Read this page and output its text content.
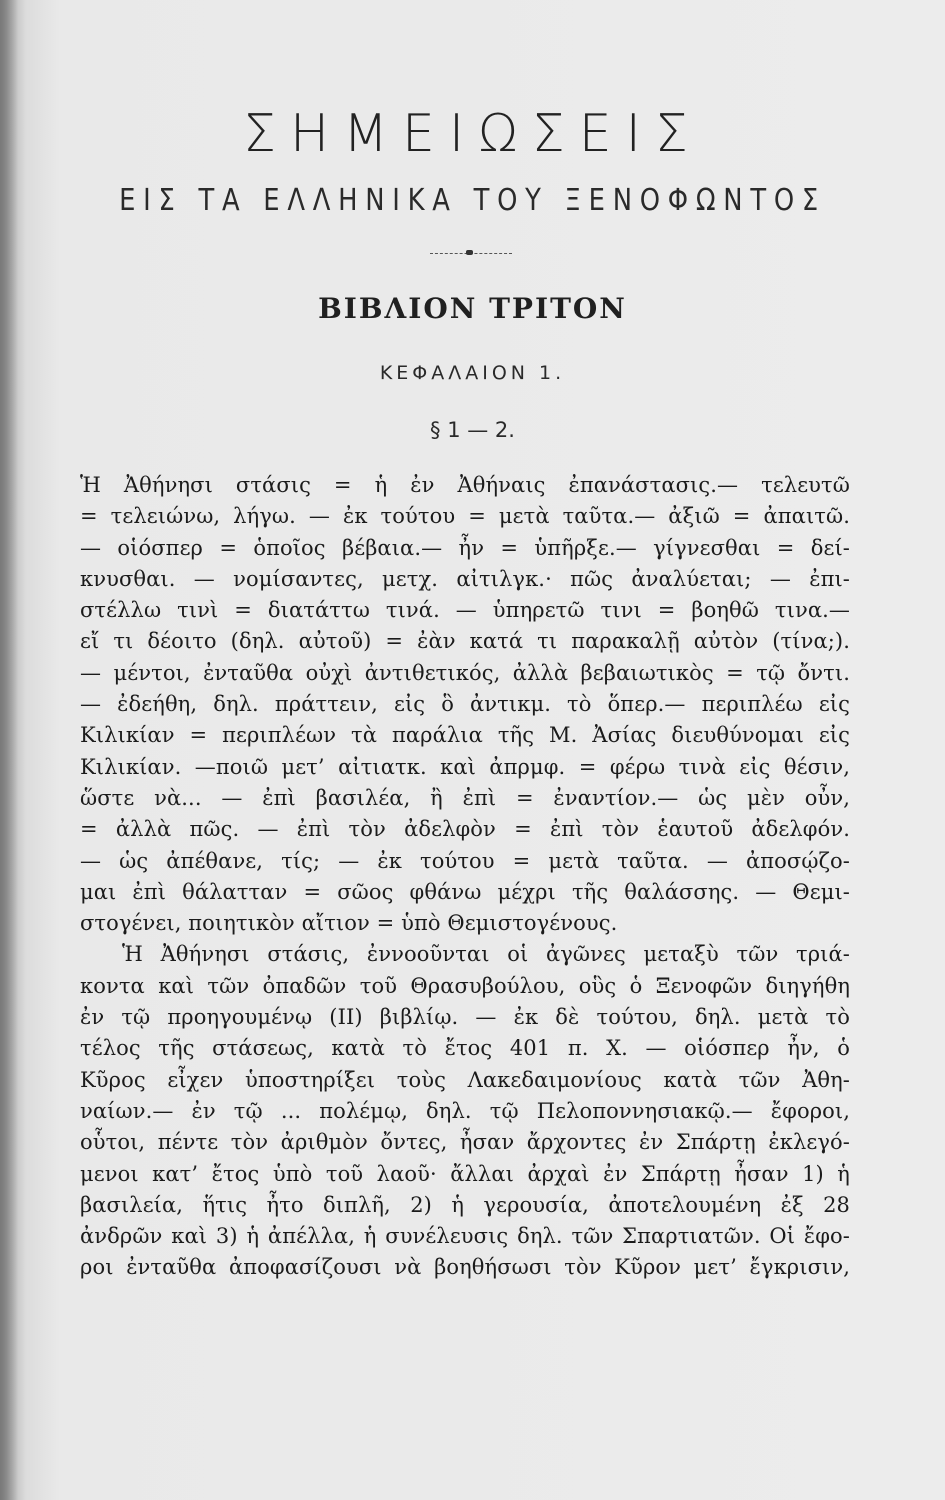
ΣΗΜΕΙΩΣΕΙΣ
ΕΙΣ ΤΑ ΕΛΛΗΝΙΚΑ ΤΟΥ ΞΕΝΟΦΩΝΤΟΣ
ΒΙΒΛΙΟΝ ΤΡΙΤΟΝ
ΚΕΦΑΛΑΙΟΝ 1.
§ 1 — 2.
Ἡ Ἀθήνησι στάσις = ἡ ἐν Ἀθήναις ἐπανάστασις.— τελευτῶ
= τελειώνω, λήγω. — ἐκ τούτου = μετὰ ταῦτα.— ἀξιῶ = ἀπαιτῶ.
— οἱόσπερ = ὁποῖος βέβαια.— ἦν = ὑπῆρξε.— γίγνεσθαι = δεί-
κνυσθαι. — νομίσαντες, μετχ. αἰτιλγκ.· πῶς ἀναλύεται; — ἐπι-
στέλλω τινὶ = διατάττω τινά. — ὑπηρετῶ τινι = βοηθῶ τινα.—
εἴ τι δέοιτο (δηλ. αὐτοῦ) = ἐὰν κατά τι παρακαλῇ αὐτὸν (τίνα;).
— μέντοι, ἐνταῦθα οὐχὶ ἀντιθετικός, ἀλλὰ βεβαιωτικὸς = τῷ ὄντι.
— ἐδεήθη, δηλ. πράττειν, εἰς ὃ ἀντικμ. τὸ ὅπερ.— περιπλέω εἰς
Κιλικίαν = περιπλέων τὰ παράλια τῆς Μ. Ἀσίας διευθύνομαι εἰς
Κιλικίαν. —ποιῶ μετ’ αἰτιατκ. καὶ ἀπρμφ. = φέρω τινὰ εἰς θέσιν,
ὥστε νὰ... — ἐπὶ βασιλέα, ἢ ἐπὶ = ἐναντίον.— ὡς μὲν οὖν,
= ἀλλὰ πῶς. — ἐπὶ τὸν ἀδελφὸν = ἐπὶ τὸν ἑαυτοῦ ἀδελφόν.
— ὡς ἀπέθανε, τίς; — ἐκ τούτου = μετὰ ταῦτα. — ἀποσῴζο-
μαι ἐπὶ θάλατταν = σῶος φθάνω μέχρι τῆς θαλάσσης. — Θεμι-
στογένει, ποιητικὸν αἴτιον = ὑπὸ Θεμιστογένους.
Ἡ Ἀθήνησι στάσις, ἐννοοῦνται οἱ ἀγῶνες μεταξὺ τῶν τριά-
κοντα καὶ τῶν ὀπαδῶν τοῦ Θρασυβούλου, οὓς ὁ Ξενοφῶν διηγήθη
ἐν τῷ προηγουμένῳ (ΙΙ) βιβλίῳ. — ἐκ δὲ τούτου, δηλ. μετὰ τὸ
τέλος τῆς στάσεως, κατὰ τὸ ἔτος 401 π. Χ. — οἱόσπερ ἦν, ὁ
Κῦρος εἶχεν ὑποστηρίξει τοὺς Λακεδαιμονίους κατὰ τῶν Ἀθη-
ναίων.— ἐν τῷ ... πολέμῳ, δηλ. τῷ Πελοποννησιακῷ.— ἔφοροι,
οὗτοι, πέντε τὸν ἀριθμὸν ὄντες, ἦσαν ἄρχοντες ἐν Σπάρτῃ ἐκλεγό-
μενοι κατ’ ἔτος ὑπὸ τοῦ λαοῦ· ἄλλαι ἀρχαὶ ἐν Σπάρτῃ ἦσαν 1) ἡ
βασιλεία, ἥτις ἦτο διπλῆ, 2) ἡ γερουσία, ἀποτελουμένη ἐξ 28
ἀνδρῶν καὶ 3) ἡ ἀπέλλα, ἡ συνέλευσις δηλ. τῶν Σπαρτιατῶν. Οἱ ἔφο-
ροι ἐνταῦθα ἀποφασίζουσι νὰ βοηθήσωσι τὸν Κῦρον μετ’ ἔγκρισιν,
